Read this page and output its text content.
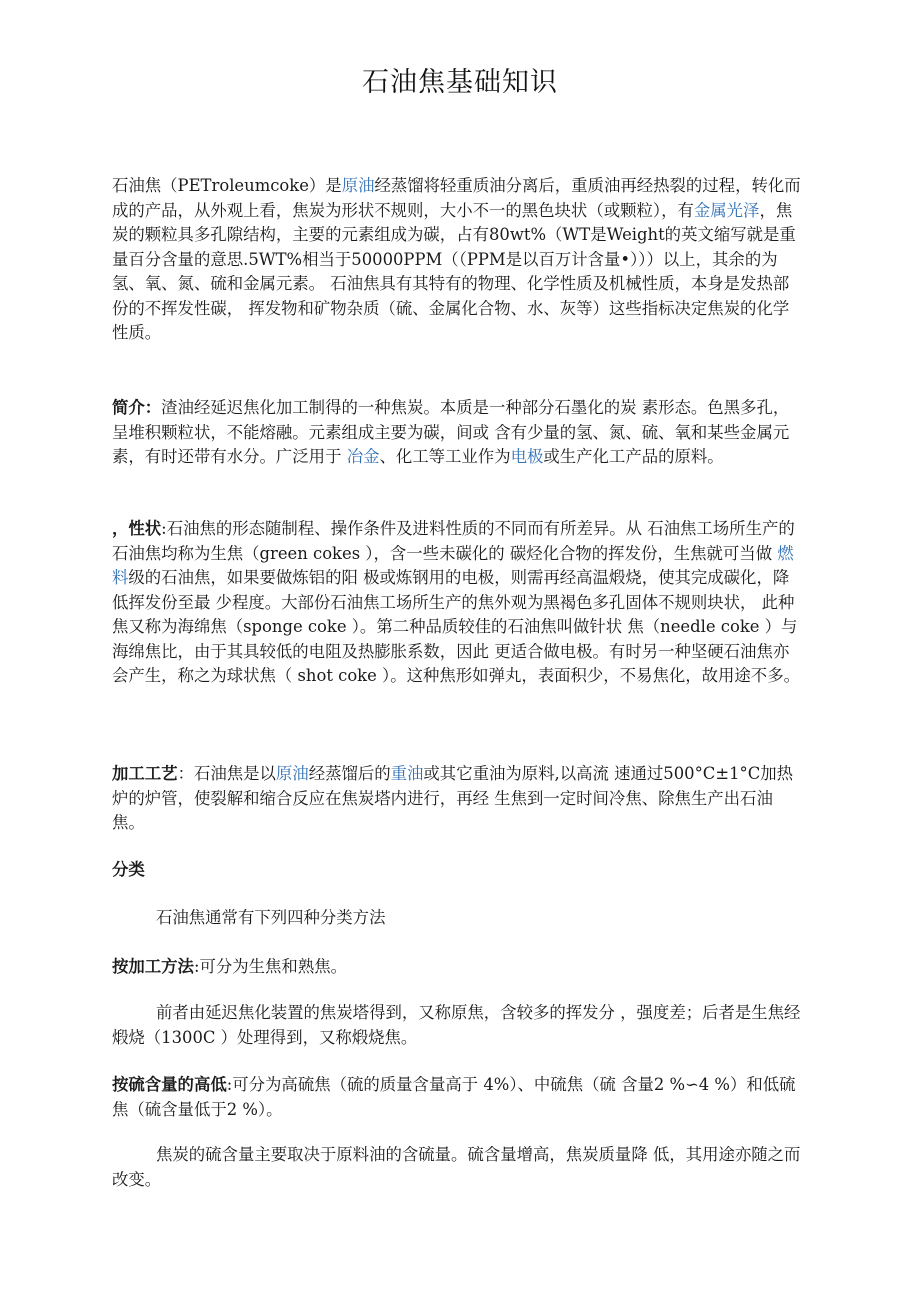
石油焦基础知识

石油焦（PETroleumcoke）是原油经蒸馏将轻重质油分离后，重质油再经热裂的过程，转化而成的产品，从外观上看，焦炭为形状不规则，大小不一的黑色块状（或颗粒），有金属光泽，焦炭的颗粒具多孔隙结构，主要的元素组成为碳，占有80wt%（WT是Weight的英文缩写就是重量百分含量的意思.5WT%相当于50000PPM（（PPM是以百万计含量•）））以上，其余的为氢、氧、氮、硫和金属元素。 石油焦具有其特有的物理、化学性质及机械性质，本身是发热部份的不挥发性碳， 挥发物和矿物杂质（硫、金属化合物、水、灰等）这些指标决定焦炭的化学性质。

简介：渣油经延迟焦化加工制得的一种焦炭。本质是一种部分石墨化的炭 素形态。色黑多孔，呈堆积颗粒状，不能熔融。元素组成主要为碳，间或 含有少量的氢、氮、硫、氧和某些金属元素，有时还带有水分。广泛用于 冶金、化工等工业作为电极或生产化工产品的原料。

，性状:石油焦的形态随制程、操作条件及进料性质的不同而有所差异。从 石油焦工场所生产的石油焦均称为生焦（green cokes ），含一些未碳化的 碳烃化合物的挥发份，生焦就可当做 燃料级的石油焦，如果要做炼铝的阳 极或炼钢用的电极，则需再经高温煅烧，使其完成碳化，降低挥发份至最 少程度。大部份石油焦工场所生产的焦外观为黑褐色多孔固体不规则块状， 此种焦又称为海绵焦（sponge coke ）。第二种品质较佳的石油焦叫做针状 焦（needle coke ）与海绵焦比，由于其具较低的电阻及热膨胀系数，因此 更适合做电极。有时另一种坚硬石油焦亦会产生，称之为球状焦（ shot coke ）。这种焦形如弹丸，表面积少，不易焦化，故用途不多。

加工工艺：石油焦是以原油经蒸馏后的重油或其它重油为原料,以高流 速通过500°C±1°C加热炉的炉管，使裂解和缩合反应在焦炭塔内进行，再经 生焦到一定时间冷焦、除焦生产出石油焦。

分类

石油焦通常有下列四种分类方法

按加工方法:可分为生焦和熟焦。

前者由延迟焦化装置的焦炭塔得到，又称原焦，含较多的挥发分 ，强度差；后者是生焦经煅烧（1300C ）处理得到，又称煅烧焦。

按硫含量的高低:可分为高硫焦（硫的质量含量高于 4%）、中硫焦（硫 含量2 %∽4 %）和低硫焦（硫含量低于2 %）。

焦炭的硫含量主要取决于原料油的含硫量。硫含量增高，焦炭质量降 低，其用途亦随之而改变。
